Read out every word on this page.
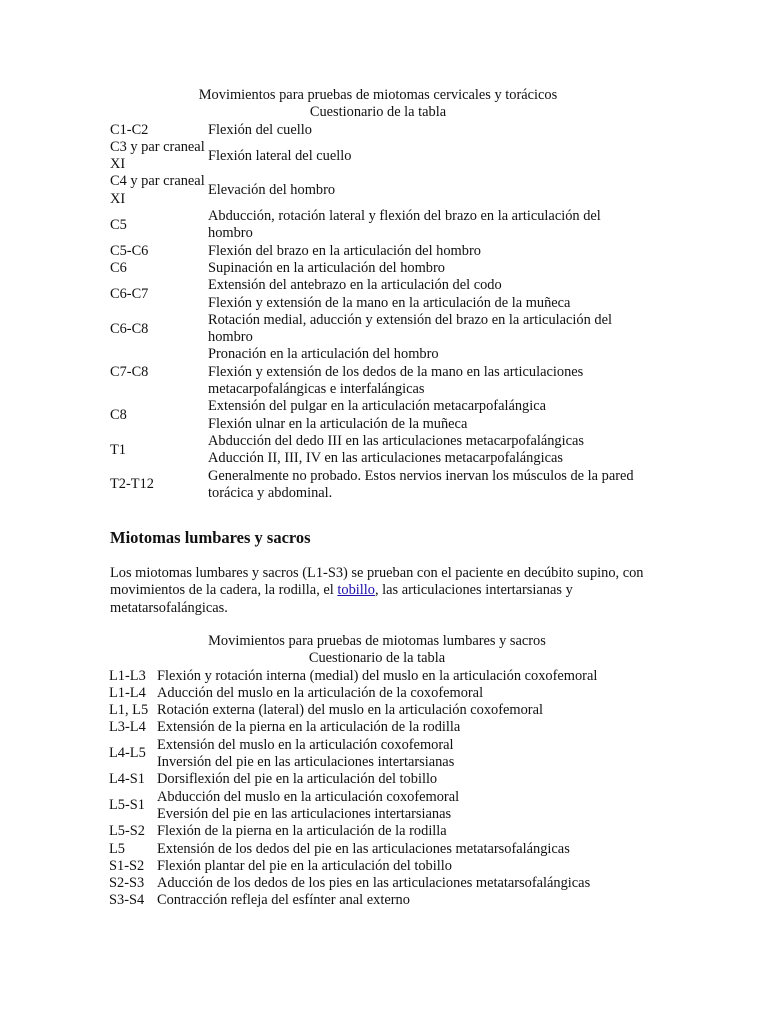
Movimientos para pruebas de miotomas cervicales y torácicos
Cuestionario de la tabla
C1-C2	Flexión del cuello

C3 y par craneal XI	Flexión lateral del cuello

C4 y par craneal XI	Elevación del hombro

C5	Abducción, rotación lateral y flexión del brazo en la articulación del hombro

C5-C6	Flexión del brazo en la articulación del hombro

C6	Supinación en la articulación del hombro

C6-C7	Extensión del antebrazo en la articulación del codo
Flexión y extensión de la mano en la articulación de la muñeca

C6-C8	Rotación medial, aducción y extensión del brazo en la articulación del hombro

C7-C8	Pronación en la articulación del hombro
Flexión y extensión de los dedos de la mano en las articulaciones metacarpofalángicas e interfalángicas

C8	Extensión del pulgar en la articulación metacarpofalángica
Flexión ulnar en la articulación de la muñeca

T1	Abducción del dedo III en las articulaciones metacarpofalángicas
Aducción II, III, IV en las articulaciones metacarpofalángicas

T2-T12	Generalmente no probado. Estos nervios inervan los músculos de la pared torácica y abdominal.
Miotomas lumbares y sacros

Los miotomas lumbares y sacros (L1-S3) se prueban con el paciente en decúbito supino, con movimientos de la cadera, la rodilla, el tobillo, las articulaciones intertarsianas y metatarsofalángicas.

Movimientos para pruebas de miotomas lumbares y sacros
Cuestionario de la tabla
L1-L3	Flexión y rotación interna (medial) del muslo en la articulación coxofemoral

L1-L4	Aducción del muslo en la articulación de la coxofemoral

L1, L5	Rotación externa (lateral) del muslo en la articulación coxofemoral

L3-L4	Extensión de la pierna en la articulación de la rodilla

L4-L5	Extensión del muslo en la articulación coxofemoral
Inversión del pie en las articulaciones intertarsianas

L4-S1	Dorsiflexión del pie en la articulación del tobillo

L5-S1	Abducción del muslo en la articulación coxofemoral
Eversión del pie en las articulaciones intertarsianas

L5-S2	Flexión de la pierna en la articulación de la rodilla

L5	Extensión de los dedos del pie en las articulaciones metatarsofalángicas

S1-S2	Flexión plantar del pie en la articulación del tobillo

S2-S3	Aducción de los dedos de los pies en las articulaciones metatarsofalángicas

S3-S4	Contracción refleja del esfínter anal externo
